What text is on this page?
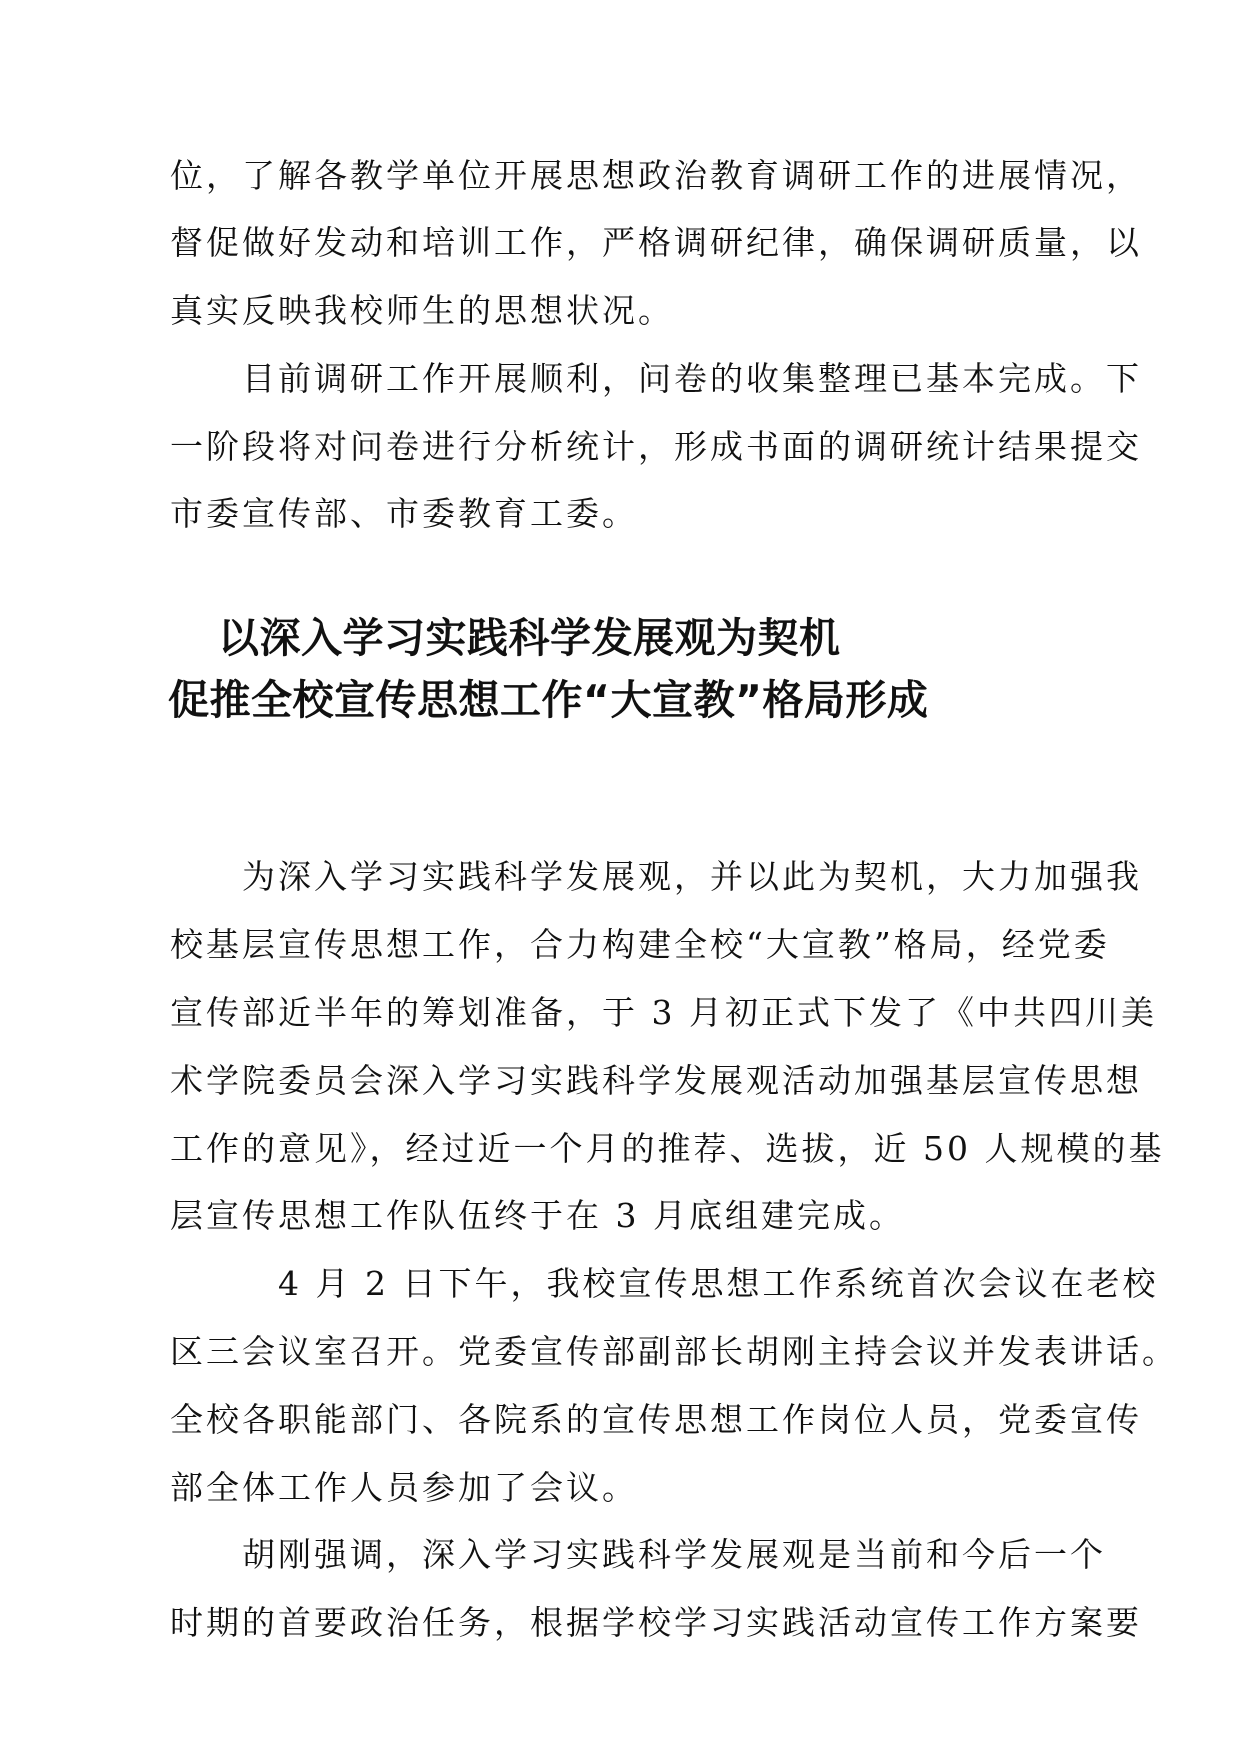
位，了解各教学单位开展思想政治教育调研工作的进展情况，
督促做好发动和培训工作，严格调研纪律，确保调研质量，以
真实反映我校师生的思想状况。
　　目前调研工作开展顺利，问卷的收集整理已基本完成。下
一阶段将对问卷进行分析统计，形成书面的调研统计结果提交
市委宣传部、市委教育工委。
以深入学习实践科学发展观为契机
促推全校宣传思想工作“大宣教”格局形成
　　为深入学习实践科学发展观，并以此为契机，大力加强我
校基层宣传思想工作，合力构建全校“大宣教”格局，经党委
宣传部近半年的筹划准备，于 3 月初正式下发了《中共四川美
术学院委员会深入学习实践科学发展观活动加强基层宣传思想
工作的意见》，经过近一个月的推荐、选拔，近 50 人规模的基
层宣传思想工作队伍终于在 3 月底组建完成。
　　　4 月 2 日下午，我校宣传思想工作系统首次会议在老校
区三会议室召开。党委宣传部副部长胡刚主持会议并发表讲话。
全校各职能部门、各院系的宣传思想工作岗位人员，党委宣传
部全体工作人员参加了会议。
　　胡刚强调，深入学习实践科学发展观是当前和今后一个
时期的首要政治任务，根据学校学习实践活动宣传工作方案要
